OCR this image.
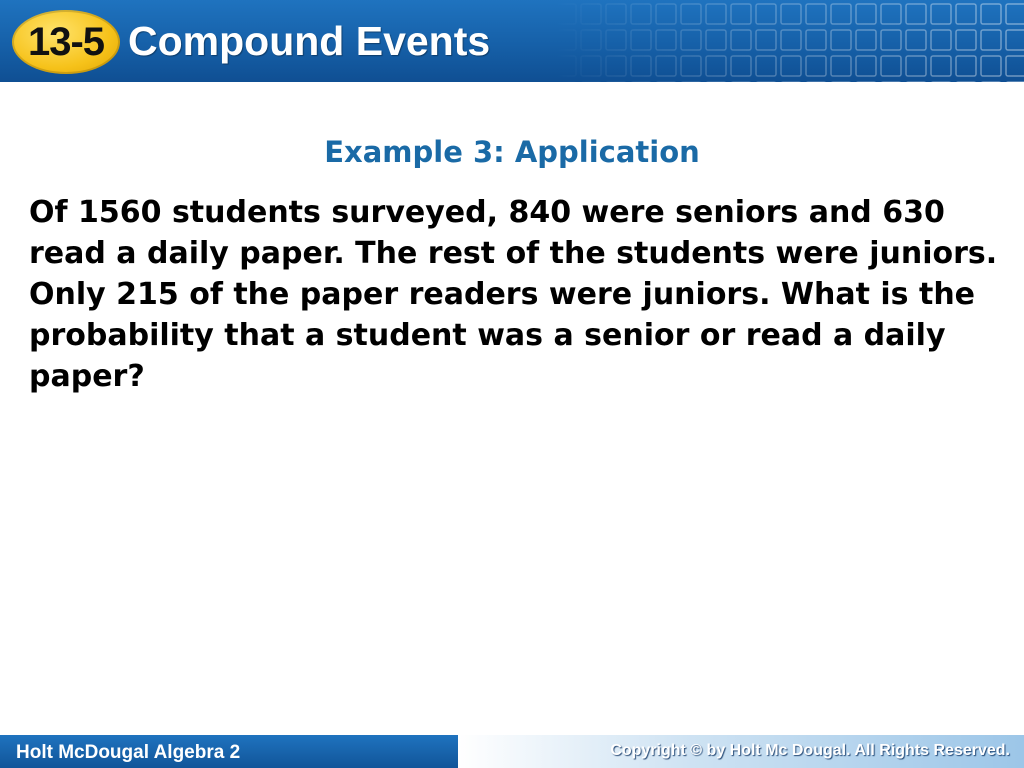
13-5 Compound Events
Example 3: Application
Of 1560 students surveyed, 840 were seniors and 630 read a daily paper. The rest of the students were juniors. Only 215 of the paper readers were juniors. What is the probability that a student was a senior or read a daily paper?
Holt McDougal Algebra 2	Copyright © by Holt Mc Dougal. All Rights Reserved.
